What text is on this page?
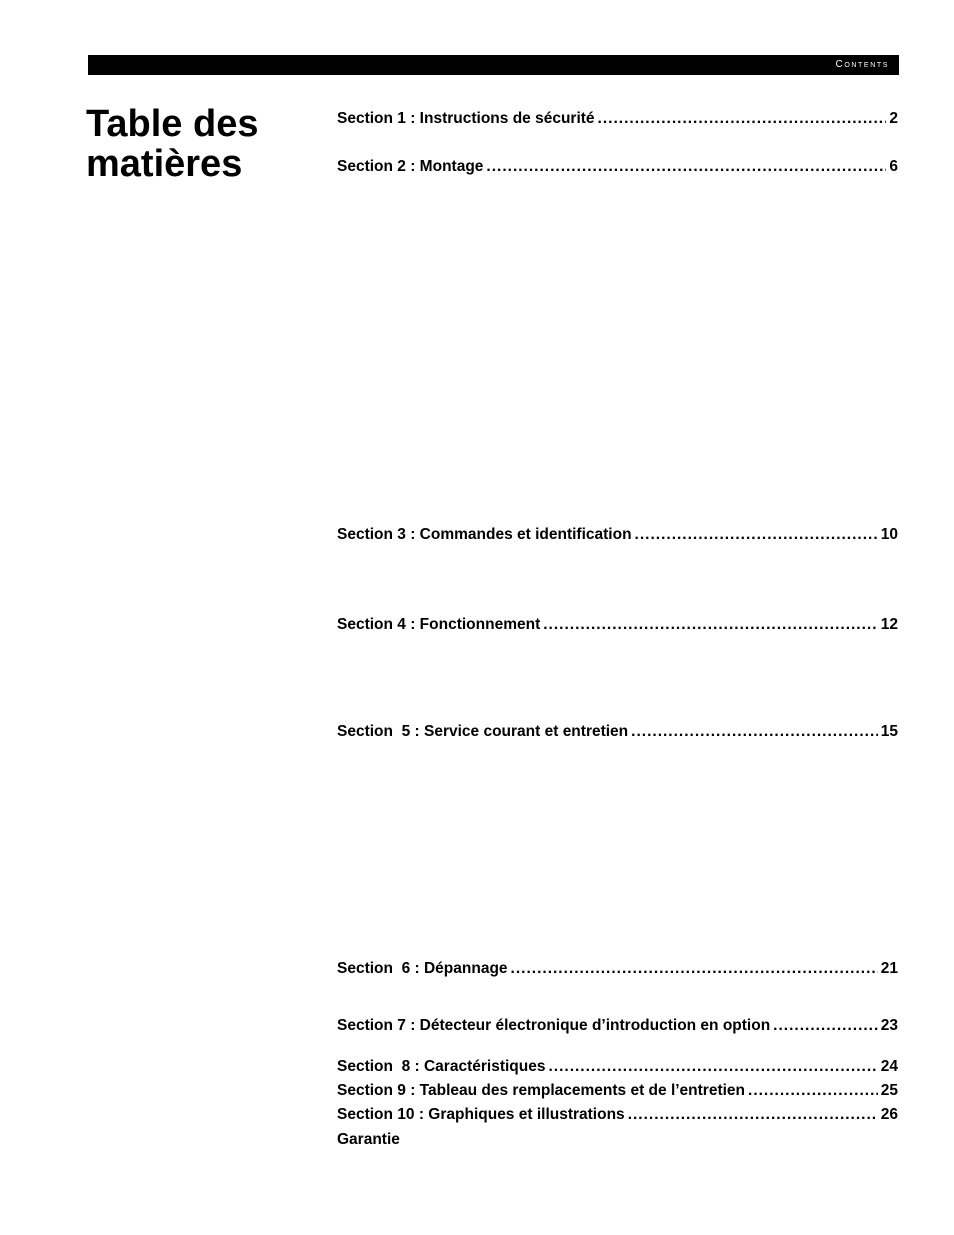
Contents
Table des
matières
Section 1 : Instructions de sécurité .....	2
Section 2 : Montage .....	6
Section 3 : Commandes et identification .....	10
Section 4 : Fonctionnement .....	12
Section  5 : Service courant et entretien .....	15
Section  6 : Dépannage .....	21
Section 7 : Détecteur électronique d’introduction en option .....	23
Section  8 : Caractéristiques .....	24
Section 9 : Tableau des remplacements et de l’entretien .....	25
Section 10 : Graphiques et illustrations .....	26
Garantie
